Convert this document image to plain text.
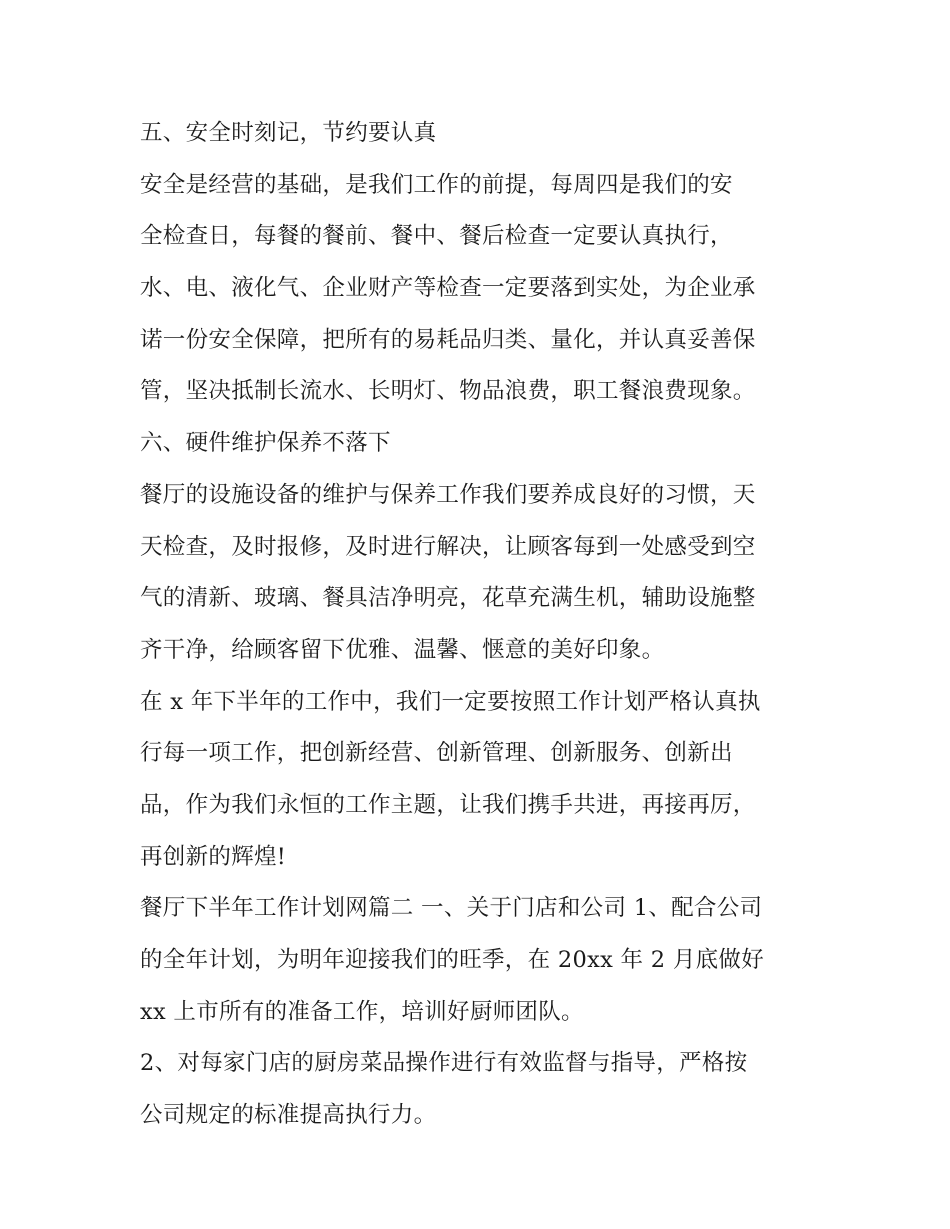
五、安全时刻记，节约要认真
安全是经营的基础，是我们工作的前提，每周四是我们的安
全检查日，每餐的餐前、餐中、餐后检查一定要认真执行，
水、电、液化气、企业财产等检查一定要落到实处，为企业承
诺一份安全保障，把所有的易耗品归类、量化，并认真妥善保
管，坚决抵制长流水、长明灯、物品浪费，职工餐浪费现象。
六、硬件维护保养不落下
餐厅的设施设备的维护与保养工作我们要养成良好的习惯，天
天检查，及时报修，及时进行解决，让顾客每到一处感受到空
气的清新、玻璃、餐具洁净明亮，花草充满生机，辅助设施整
齐干净，给顾客留下优雅、温馨、惬意的美好印象。
在 x 年下半年的工作中，我们一定要按照工作计划严格认真执
行每一项工作，把创新经营、创新管理、创新服务、创新出
品，作为我们永恒的工作主题，让我们携手共进，再接再厉，
再创新的辉煌!
餐厅下半年工作计划网篇二 一、关于门店和公司 1、配合公司
的全年计划，为明年迎接我们的旺季，在 20xx 年 2 月底做好
xx 上市所有的准备工作，培训好厨师团队。
2、对每家门店的厨房菜品操作进行有效监督与指导，严格按
公司规定的标准提高执行力。
